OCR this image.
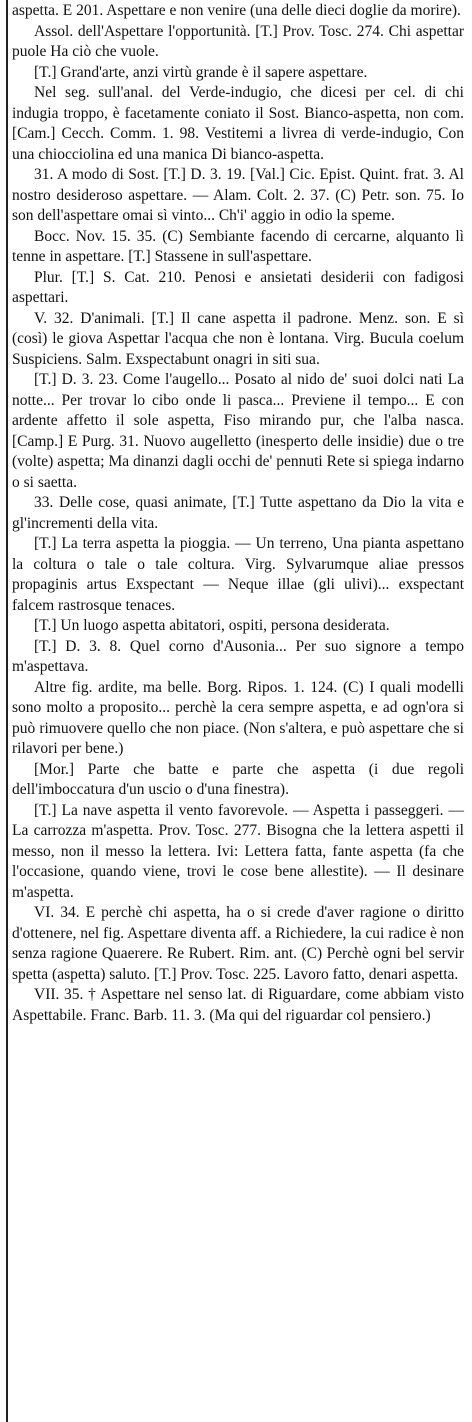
aspetta. E 201. Aspettare e non venire (una delle dieci doglie da morire).

Assol. dell'Aspettare l'opportunità. [T.] Prov. Tosc. 274. Chi aspettar puole Ha ciò che vuole.

[T.] Grand'arte, anzi virtù grande è il sapere aspettare.

Nel seg. sull'anal. del Verde-indugio, che dicesi per cel. di chi indugia troppo, è facetamente coniato il Sost. Bianco-aspetta, non com. [Cam.] Cecch. Comm. 1. 98. Vestitemi a livrea di verde-indugio, Con una chiocciolina ed una manica Di bianco-aspetta.

31. A modo di Sost. [T.] D. 3. 19. [Val.] Cic. Epist. Quint. frat. 3. Al nostro desideroso aspettare. — Alam. Colt. 2. 37. (C) Petr. son. 75. Io son dell'aspettare omai sì vinto... Ch'i' aggio in odio la speme.

Bocc. Nov. 15. 35. (C) Sembiante facendo di cercarne, alquanto lì tenne in aspettare. [T.] Stassene in sull'aspettare.

Plur. [T.] S. Cat. 210. Penosi e ansietati desiderii con fadigosi aspettari.

V. 32. D'animali. [T.] Il cane aspetta il padrone. Menz. son. E sì (così) le giova Aspettar l'acqua che non è lontana. Virg. Bucula coelum Suspiciens. Salm. Exspectabunt onagri in siti sua.

[T.] D. 3. 23. Come l'augello... Posato al nido de' suoi dolci nati La notte... Per trovar lo cibo onde li pasca... Previene il tempo... E con ardente affetto il sole aspetta, Fiso mirando pur, che l'alba nasca. [Camp.] E Purg. 31. Nuovo augelletto (inesperto delle insidie) due o tre (volte) aspetta; Ma dinanzi dagli occhi de' pennuti Rete si spiega indarno o si saetta.

33. Delle cose, quasi animate, [T.] Tutte aspettano da Dio la vita e gl'incrementi della vita.

[T.] La terra aspetta la pioggia. — Un terreno, Una pianta aspettano la coltura o tale o tale coltura. Virg. Sylvarumque aliae pressos propaginis artus Exspectant — Neque illae (gli ulivi)... exspectant falcem rastrosque tenaces.

[T.] Un luogo aspetta abitatori, ospiti, persona desiderata.

[T.] D. 3. 8. Quel corno d'Ausonia... Per suo signore a tempo m'aspettava.

Altre fig. ardite, ma belle. Borg. Ripos. 1. 124. (C) I quali modelli sono molto a proposito... perchè la cera sempre aspetta, e ad ogn'ora si può rimuovere quello che non piace. (Non s'altera, e può aspettare che si rilavori per bene.)

[Mor.] Parte che batte e parte che aspetta (i due regoli dell'imboccatura d'un uscio o d'una finestra).

[T.] La nave aspetta il vento favorevole. — Aspetta i passeggeri. — La carrozza m'aspetta. Prov. Tosc. 277. Bisogna che la lettera aspetti il messo, non il messo la lettera. Ivi: Lettera fatta, fante aspetta (fa che l'occasione, quando viene, trovi le cose bene allestite). — Il desinare m'aspetta.

VI. 34. E perchè chi aspetta, ha o si crede d'aver ragione o diritto d'ottenere, nel fig. Aspettare diventa aff. a Richiedere, la cui radice è non senza ragione Quaerere. Re Rubert. Rim. ant. (C) Perchè ogni bel servir spetta (aspetta) saluto. [T.] Prov. Tosc. 225. Lavoro fatto, denari aspetta.

VII. 35. † Aspettare nel senso lat. di Riguardare, come abbiam visto Aspettabile. Franc. Barb. 11. 3. (Ma qui del riguardar col pensiero.)
